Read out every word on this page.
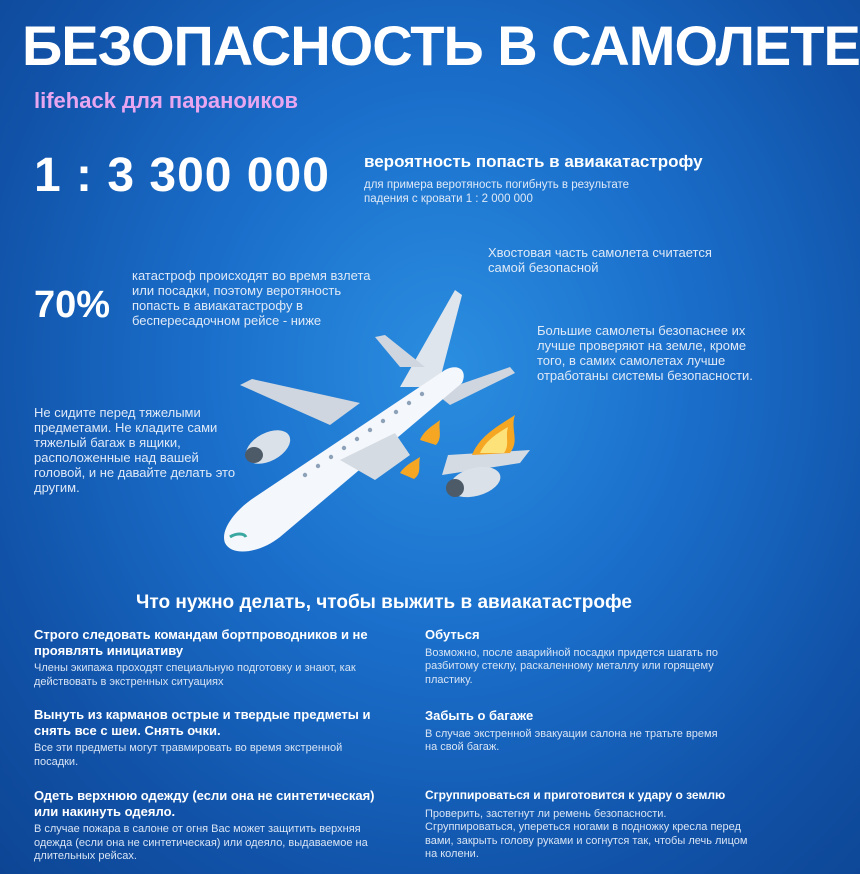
БЕЗОПАСНОСТЬ В САМОЛЕТЕ
lifehack для параноиков
1 : 3 300 000 вероятность попасть в авиакатастрофу
для примера веротяность погибнуть в результате падения с кровати 1 : 2 000 000
70%
катастроф происходят во время взлета или посадки, поэтому веротяность попасть в авиакатастрофу в беспересадочном рейсе - ниже
Хвостовая часть самолета считается самой безопасной
Большие самолеты безопаснее их лучше проверяют на земле, кроме того, в самих самолетах лучше отработаны системы безопасности.
Не сидите перед тяжелыми предметами. Не кладите сами тяжелый багаж в ящики, расположенные над вашей головой, и не давайте делать это другим.
Что нужно делать, чтобы выжить в авиакатастрофе
Строго следовать командам бортпроводников и не проявлять инициативу

Члены экипажа проходят специальную подготовку и знают, как действовать в экстренных ситуациях

Вынуть из карманов острые и твердые предметы и снять все с шеи. Снять очки.

Все эти предметы могут травмировать во время экстренной посадки.

Одеть верхнюю одежду (если она не синтетическая) или накинуть одеяло.

В случае пожара в салоне от огня Вас может защитить верхняя одежда (если она не синтетическая) или одеяло, выдаваемое на длительных рейсах.

Обуться

Возможно, после аварийной посадки придется шагать по разбитому стеклу, раскаленному металлу или горящему пластику.

Забыть о багаже

В случае экстренной эвакуации салона не тратьте время на свой багаж.

Сгруппироваться и приготовится к удару о землю

Проверить, застегнут ли ремень безопасности. Сгруппироваться, упереться ногами в подножку кресла перед вами, закрыть голову руками и согнутся так, чтобы лечь лицом на колени.
